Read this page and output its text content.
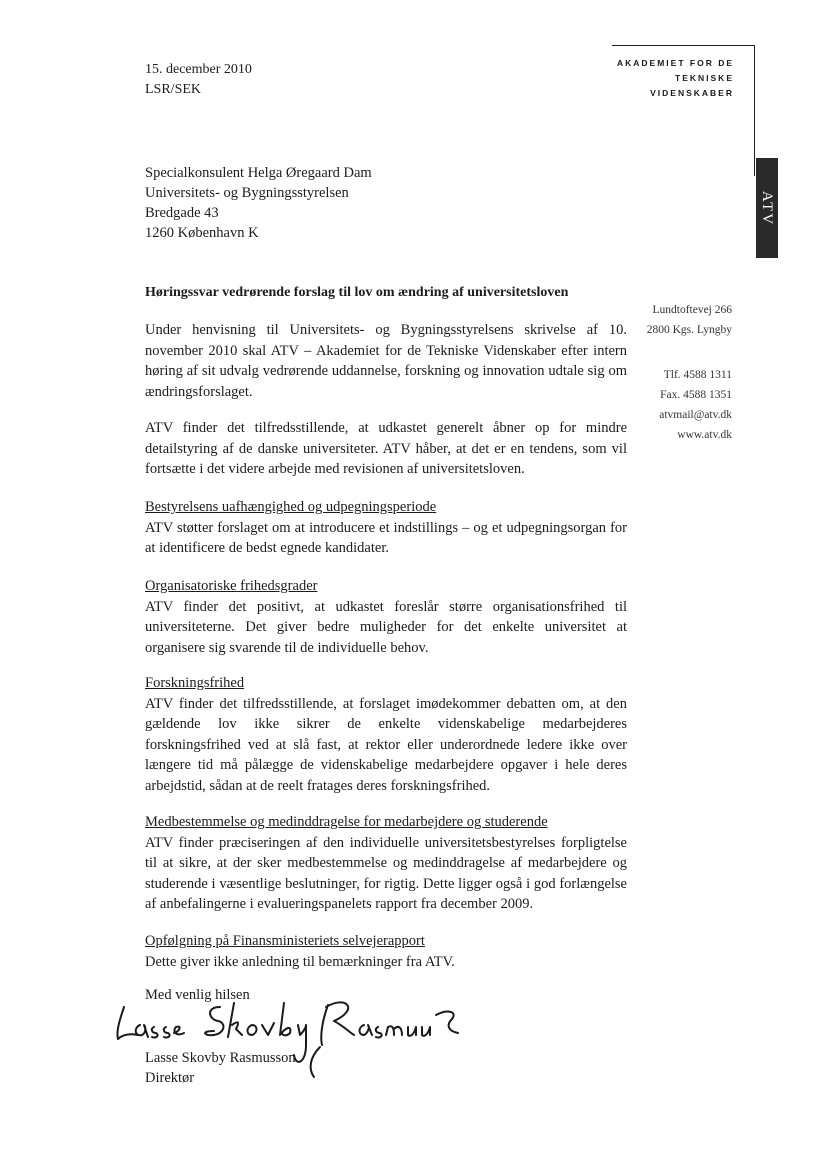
15. december 2010
LSR/SEK
AKADEMIET FOR DE
TEKNISKE
VIDENSKABER
ATV
Specialkonsulent Helga Øregaard Dam
Universitets- og Bygningsstyrelsen
Bredgade 43
1260 København K
Høringssvar vedrørende forslag til lov om ændring af universitetsloven
Lundtoftevej 266
2800 Kgs. Lyngby
Tlf. 4588 1311
Fax. 4588 1351
atvmail@atv.dk
www.atv.dk

Under henvisning til Universitets- og Bygningsstyrelsens skrivelse af 10. november 2010 skal ATV – Akademiet for de Tekniske Videnskaber efter intern høring af sit udvalg vedrørende uddannelse, forskning og innovation udtale sig om ændringsforslaget.

ATV finder det tilfredsstillende, at udkastet generelt åbner op for mindre detailstyring af de danske universiteter. ATV håber, at det er en tendens, som vil fortsætte i det videre arbejde med revisionen af universitetsloven.

Bestyrelsens uafhængighed og udpegningsperiode
ATV støtter forslaget om at introducere et indstillings – og et udpegningsorgan for at identificere de bedst egnede kandidater.
Organisatoriske frihedsgrader
ATV finder det positivt, at udkastet foreslår større organisationsfrihed til universiteterne. Det giver bedre muligheder for det enkelte universitet at organisere sig svarende til de individuelle behov.
Forskningsfrihed
ATV finder det tilfredsstillende, at forslaget imødekommer debatten om, at den gældende lov ikke sikrer de enkelte videnskabelige medarbejderes forskningsfrihed ved at slå fast, at rektor eller underordnede ledere ikke over længere tid må pålægge de videnskabelige medarbejdere opgaver i hele deres arbejdstid, sådan at de reelt fratages deres forskningsfrihed.
Medbestemmelse og medinddragelse for medarbejdere og studerende
ATV finder præciseringen af den individuelle universitetsbestyrelses forpligtelse til at sikre, at der sker medbestemmelse og medinddragelse af medarbejdere og studerende i væsentlige beslutninger, for rigtig. Dette ligger også i god forlængelse af anbefalingerne i evalueringspanelets rapport fra december 2009.
Opfølgning på Finansministeriets selvejerapport
Dette giver ikke anledning til bemærkninger fra ATV.
Med venlig hilsen
Lasse Skovby Rasmusson
Direktør
